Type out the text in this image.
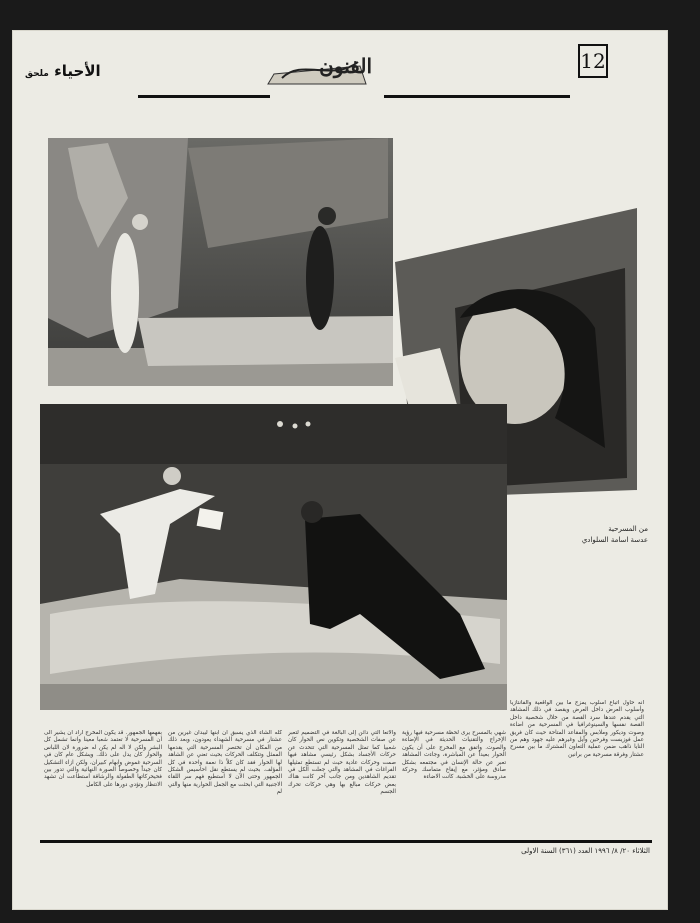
12
الفنون
الأحياء ملحق
من المسرحية
عدسة اسامة السلوادي
شهي بالمسرح يرى لحظة مسرحية فيها رؤية الإخراج والتقنيات الحديثة في الإضاءة والصوت. واتفق مع المخرج على أن يكون الحوار بعيداً عن المباشرة، وجاءت المشاهد تعبر عن حالة الإنسان في مجتمعه بشكل صادق ومؤثر، مع إيقاع متماسك وحركة مدروسة على الخشبة. كانت الاضاءة
والاتعا التي دائن إلى البالغة في التضميم لتعبر عن صفات الشخصية وتكوين نص الحوار كان شعبيا كما تمثل المسرحية التي تتحدث عن حركات الأجساد بشكل رئيسي مشاهد فيها صمت وحركات عادية حيث لم تستطع تمثيلها الفراغات في المشاهد والتي جعلت الكل في تقديم الشاهدين ومن جانب آخر كانت هناك بعض حركات مبالغ بها وهي حركات تحرك الجسم
كله الشاء الذي يسبق أن ابنها ليبدأن غيرين من عشتار في مسرحية الشهداء يعودون، وبعد ذلك من المكان أن تختصر المسرحية التي يقدمها الممثل وتتكلف الحركات بحيث تعني عن الشاهد لها الحوار فقد كان كلاً ذا نعمة واحدة في كل المؤلف. بحيث لم يستطع نقل احاسيس الشكل الجمهور وحتى الآن لا استطيع فهم سر اللقاء الاجنبية التي ابحثت مع الجمل الحوارية منها والتي لم
بفهمها الجمهور. قد يكون المخرج أراد أن يشير الى أن المسرحية لا تعتمد شعبا معينا وانما تشمل كل البشر ولكن لا اله لم يكن له ضرورة لان اللباس والحوار كان يدل على ذلك. ويشكل عام كان في السرحية غموض وابهام كبيران، ولكن ازاء التشكيل كان جيداً وخصوصاً الصورة النهائية والتي تدور بين فحيحركاتها الطفولة والرشاقة استطاعت ان تشهد الانتظار وتؤدي دورها على الكامل
انه حاول اتباع اسلوب يمزج ما بين الواقعية والفانتازيا وأسلوب العرض داخل العرض ويقصد في ذلك المشاهد التي يقدم عندها سرد القصة من خلال شخصية داخل القصة نفسها والسينوغرافيا في المسرحية من اضاءة وصوت وديكور وملابس والمقاعد المتاحة حيث كان فريق عمل فوزيست وفرحين وآيل وغيرهم عليه جهود وهم من النايا ذاهب ضمن عملية التعاون المشترك ما بين مسرح عشتار وفرقة مسرحية من برانين
الثلاثاء ٢٠/ ٨/ ١٩٩٦ العدد (٣٦١) السنة الاولى
